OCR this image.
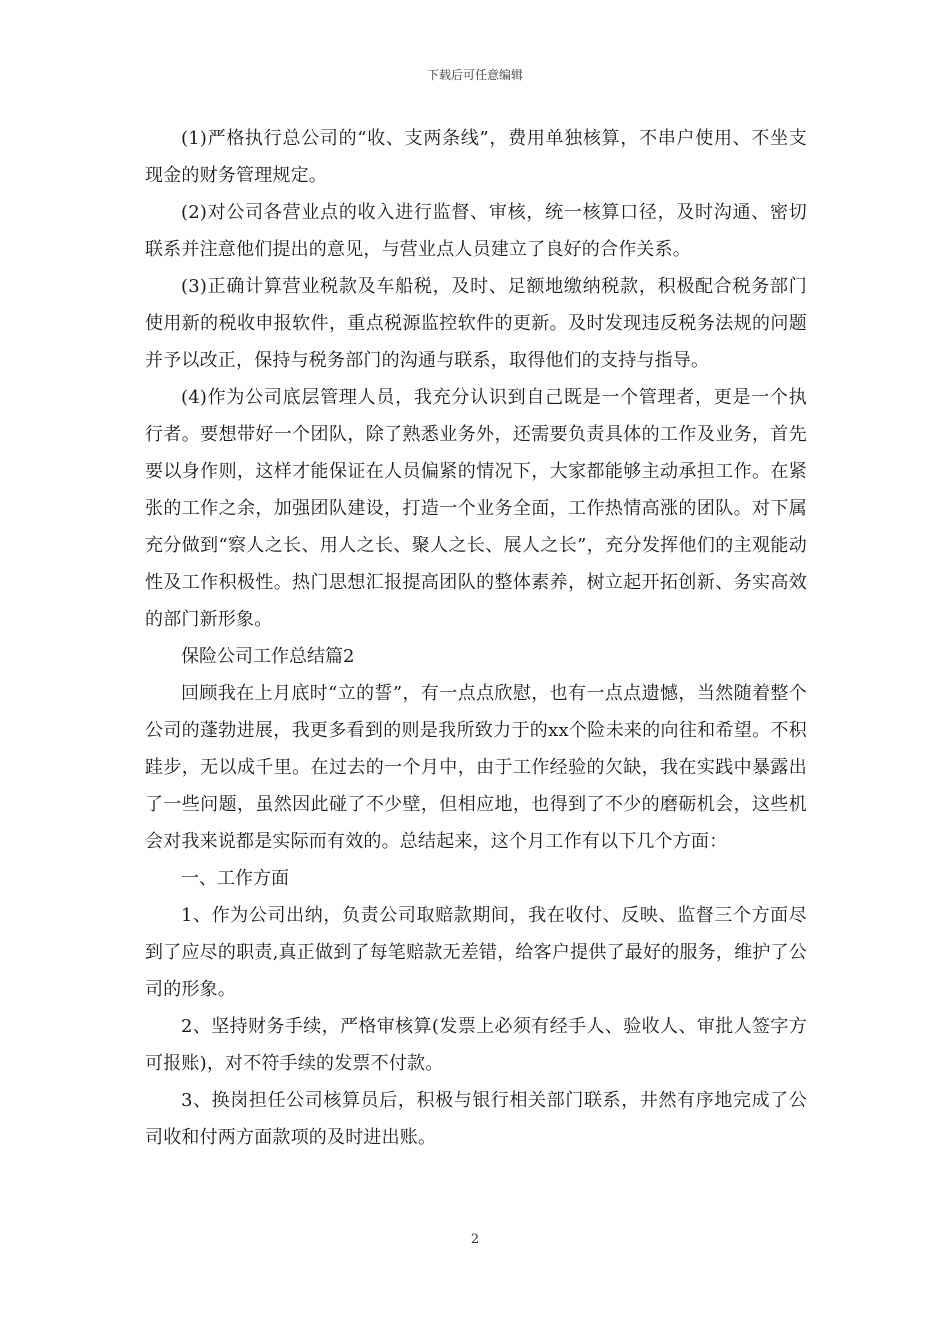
下载后可任意编辑

(1)严格执行总公司的“收、支两条线”，费用单独核算，不串户使用、不坐支现金的财务管理规定。

(2)对公司各营业点的收入进行监督、审核，统一核算口径，及时沟通、密切联系并注意他们提出的意见，与营业点人员建立了良好的合作关系。

(3)正确计算营业税款及车船税，及时、足额地缴纳税款，积极配合税务部门使用新的税收申报软件，重点税源监控软件的更新。及时发现违反税务法规的问题并予以改正，保持与税务部门的沟通与联系，取得他们的支持与指导。

(4)作为公司底层管理人员，我充分认识到自己既是一个管理者，更是一个执行者。要想带好一个团队，除了熟悉业务外，还需要负责具体的工作及业务，首先要以身作则，这样才能保证在人员偏紧的情况下，大家都能够主动承担工作。在紧张的工作之余，加强团队建设，打造一个业务全面，工作热情高涨的团队。对下属充分做到“察人之长、用人之长、聚人之长、展人之长”，充分发挥他们的主观能动性及工作积极性。热门思想汇报提高团队的整体素养，树立起开拓创新、务实高效的部门新形象。

保险公司工作总结篇2

回顾我在上月底时“立的誓”，有一点点欣慰，也有一点点遗憾，当然随着整个公司的蓬勃进展，我更多看到的则是我所致力于的xx个险未来的向往和希望。不积跬步，无以成千里。在过去的一个月中，由于工作经验的欠缺，我在实践中暴露出了一些问题，虽然因此碰了不少壁，但相应地，也得到了不少的磨砺机会，这些机会对我来说都是实际而有效的。总结起来，这个月工作有以下几个方面：

一、工作方面

1、作为公司出纳，负责公司取赔款期间，我在收付、反映、监督三个方面尽到了应尽的职责,真正做到了每笔赔款无差错，给客户提供了最好的服务，维护了公司的形象。

2、坚持财务手续，严格审核算(发票上必须有经手人、验收人、审批人签字方可报账)，对不符手续的发票不付款。

3、换岗担任公司核算员后，积极与银行相关部门联系，井然有序地完成了公司收和付两方面款项的及时进出账。

2
